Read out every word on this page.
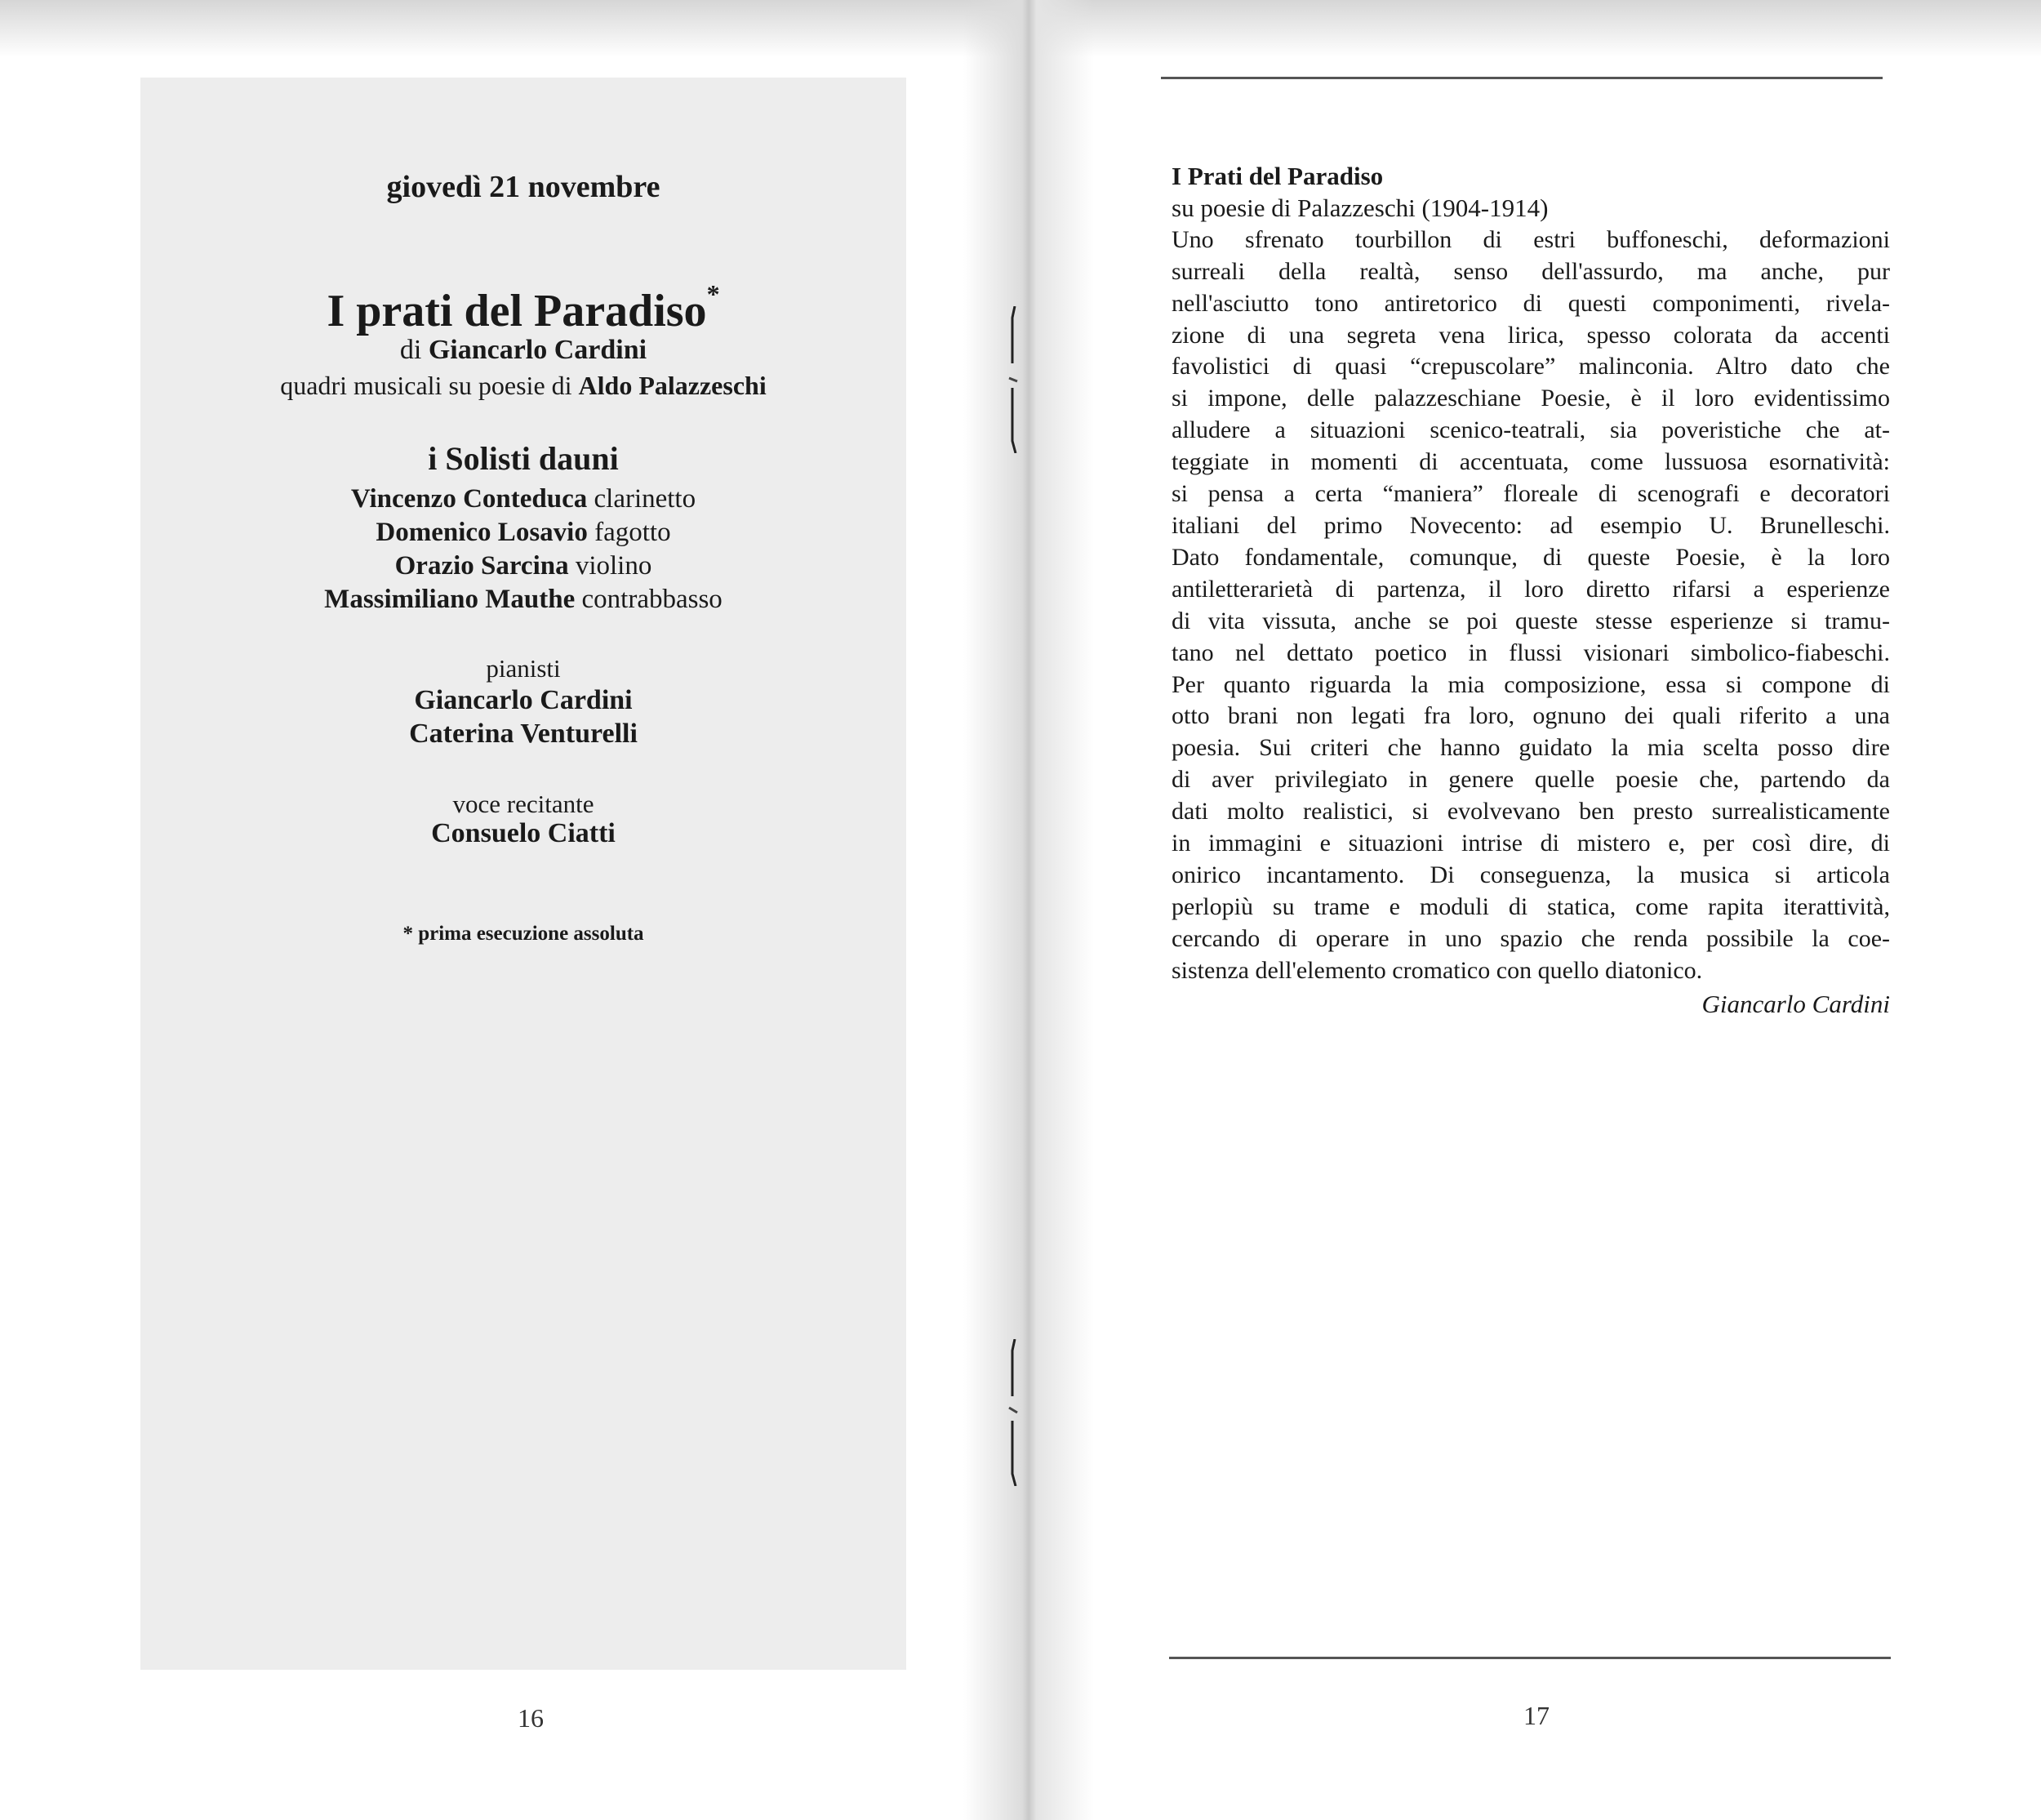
giovedì 21 novembre
I prati del Paradiso*
di Giancarlo Cardini
quadri musicali su poesie di Aldo Palazzeschi
i Solisti dauni
Vincenzo Conteduca clarinetto
Domenico Losavio fagotto
Orazio Sarcina violino
Massimiliano Mauthe contrabbasso
pianisti
Giancarlo Cardini
Caterina Venturelli
voce recitante
Consuelo Ciatti
* prima esecuzione assoluta
16
I Prati del Paradiso
su poesie di Palazzeschi (1904-1914)
Uno sfrenato tourbillon di estri buffoneschi, deformazioni
surreali della realtà, senso dell'assurdo, ma anche, pur
nell'asciutto tono antiretorico di questi componimenti, rivela-
zione di una segreta vena lirica, spesso colorata da accenti
favolistici di quasi “crepuscolare” malinconia. Altro dato che
si impone, delle palazzeschiane Poesie, è il loro evidentissimo
alludere a situazioni scenico-teatrali, sia poveristiche che at-
teggiate in momenti di accentuata, come lussuosa esornatività:
si pensa a certa “maniera” floreale di scenografi e decoratori
italiani del primo Novecento: ad esempio U. Brunelleschi.
Dato fondamentale, comunque, di queste Poesie, è la loro
antiletterarietà di partenza, il loro diretto rifarsi a esperienze
di vita vissuta, anche se poi queste stesse esperienze si tramu-
tano nel dettato poetico in flussi visionari simbolico-fiabeschi.
Per quanto riguarda la mia composizione, essa si compone di
otto brani non legati fra loro, ognuno dei quali riferito a una
poesia. Sui criteri che hanno guidato la mia scelta posso dire
di aver privilegiato in genere quelle poesie che, partendo da
dati molto realistici, si evolvevano ben presto surrealisticamente
in immagini e situazioni intrise di mistero e, per così dire, di
onirico incantamento. Di conseguenza, la musica si articola
perlopiù su trame e moduli di statica, come rapita iterattività,
cercando di operare in uno spazio che renda possibile la coe-
sistenza dell'elemento cromatico con quello diatonico.
Giancarlo Cardini
17
